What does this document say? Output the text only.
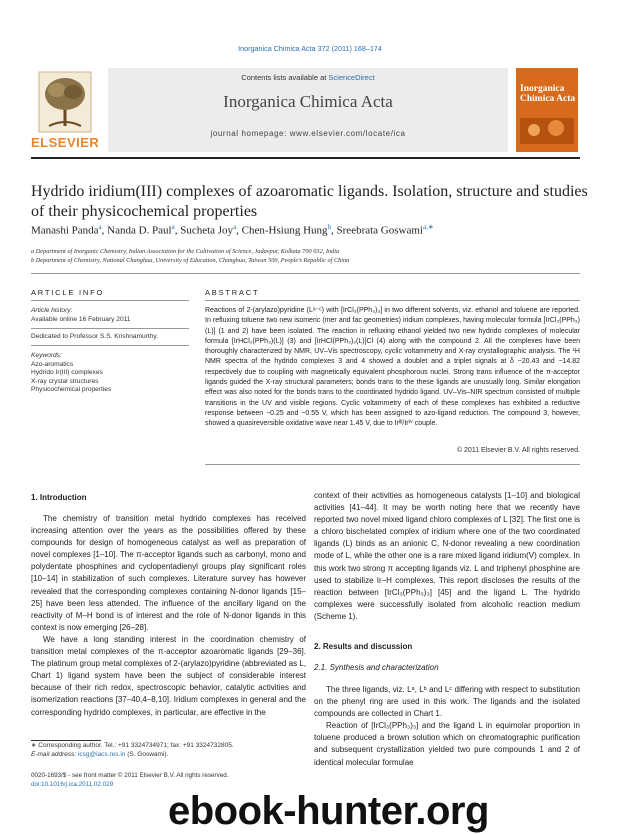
Inorganica Chimica Acta 372 (2011) 168–174
ELSEVIER
Contents lists available at ScienceDirect
Inorganica Chimica Acta
journal homepage: www.elsevier.com/locate/ica
Inorganica Chimica Acta
Hydrido iridium(III) complexes of azoaromatic ligands. Isolation, structure and studies of their physicochemical properties
Manashi Panda$^a$, Nanda D. Paul$^a$, Sucheta Joy$^a$, Chen-Hsiung Hung$^b$, Sreebrata Goswami$^{a,∗}$
a Department of Inorganic Chemistry, Indian Association for the Cultivation of Science, Jadavpur, Kolkata 700 032, India
b Department of Chemistry, National Changhua, University of Education, Changhua, Taiwan 500, People’s Republic of China
ARTICLE INFO
Article history:
Available online 16 February 2011
Dedicated to Professor S.S. Krishnamurthy.
Keywords:
Azo-aromatics
Hydrido Ir(III) complexes
X-ray crystal structures
Physicochemical properties
ABSTRACT
Reactions of 2-(arylazo)pyridine (Lᵃ⁻ᶜ) with [IrCl₃(PPh₃)₃] in two different solvents, viz. ethanol and toluene are reported. In refluxing toluene two new isomeric (mer and fac geometries) iridium complexes, having molecular formula [IrCl₃(PPh₃)(L)] (1 and 2) have been isolated. The reaction in refluxing ethanol yielded two new hydrido complexes of molecular formula [IrHCl₂(PPh₃)(L)] (3) and [IrHCl(PPh₃)₂(L)]Cl (4) along with the compound 2. All the complexes have been thoroughly characterized by NMR, UV–Vis spectroscopy, cyclic voltammetry and X-ray crystallographic analysis. The ¹H NMR spectra of the hydrido complexes 3 and 4 showed a doublet and a triplet signals at δ −20.43 and −14.82 respectively due to coupling with magnetically equivalent phosphorous nuclei. Strong trans influence of the π-acceptor ligands guided the X-ray structural parameters; bonds trans to the these ligands are unusually long. Similar elongation effect was also noted for the bonds trans to the coordinated hydrido ligand. UV–Vis–NIR spectrum consisted of multiple transitions in the UV and visible regions. Cyclic voltammetry of each of these complexes has exhibited a reductive response between −0.25 and −0.55 V, which has been assigned to azo-ligand reduction. The compound 3, however, showed a quasireversible oxidative wave near 1.45 V, due to Irᴵᴵᴵ/Irᴵⱽ couple.
© 2011 Elsevier B.V. All rights reserved.
1. Introduction

The chemistry of transition metal hydrido complexes has received increasing attention over the years as the possibilities offered by these compounds for design of homogeneous catalyst as well as preparation of novel complexes [1–10]. The π-acceptor ligands such as carbonyl, mono and polydentate phosphines and cyclopentadienyl groups play significant roles [10–14] in stabilization of such complexes. Literature survey has however revealed that the corresponding complexes containing N-donor ligands [15–25] have been less attended. The influence of the ancillary ligand on the reactivity of M–H bond is of interest and the role of N-donor ligands in this context is now emerging [26–28].

We have a long standing interest in the coordination chemistry of transition metal complexes of the π-acceptor azoaromatic ligands [29–36]. The platinum group metal complexes of 2-(arylazo)pyridine (abbreviated as L, Chart 1) ligand system have been the subject of considerable interest because of their rich redox, spectroscopic behavior, catalytic activities and isomerization reactions [37–40,4–8,10]. Iridium complexes in general and the corresponding hydrido complexes, in particular, are effective in the

context of their activities as homogeneous catalysts [1–10] and biological activities [41–44]. It may be worth noting here that we recently have reported two novel mixed ligand chloro complexes of L [32]. The first one is a chloro bischelated complex of iridium where one of the two coordinated ligands (L) binds as an anionic C, N-donor revealing a new coordination mode of L, while the other one is a rare mixed ligand iridium(V) complex. In this work two strong π accepting ligands viz. L and triphenyl phosphine are used to stabilize Ir–H complexes. This report discloses the results of the reaction between [IrCl₃(PPh₃)₃] [45] and the ligand L. The hydrido complexes were successfully isolated from alcoholic reaction medium (Scheme 1).

2. Results and discussion
2.1. Synthesis and characterization

The three ligands, viz. Lᵃ, Lᵇ and Lᶜ differing with respect to substitution on the phenyl ring are used in this work. The ligands and the isolated compounds are collected in Chart 1.

Reaction of [IrCl₃(PPh₃)₃] and the ligand L in equimolar proportion in toluene produced a brown solution which on chromatographic purification and subsequent crystallization yielded two pure compounds 1 and 2 of identical molecular formulae

∗ Corresponding author. Tel.: +91 3324734971; fax: +91 3324732805.
E-mail address: icsg@iacs.res.in (S. Goswami).
0020-1693/$ - see front matter © 2011 Elsevier B.V. All rights reserved.
doi:10.1016/j.ica.2011.02.029
ebook-hunter.org
